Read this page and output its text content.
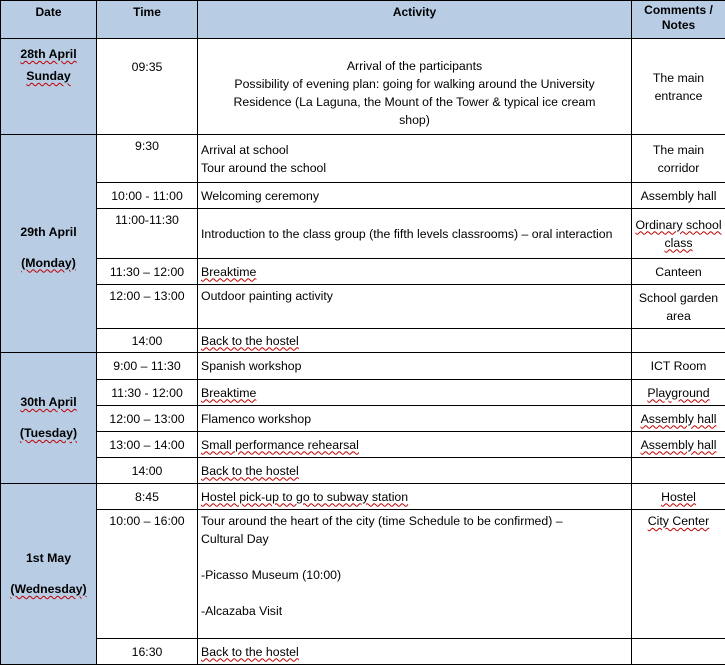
Date	Time	Activity	Comments /
Notes

28th April
Sunday	09:35	Arrival of the participants
Possibility of evening plan: going for walking around the University
Residence (La Laguna, the Mount of the Tower & typical ice cream
shop)	The main entrance

29th April
(Monday)	9:30	Arrival at school
Tour around the school	The main corridor
	10:00 - 11:00	Welcoming ceremony	Assembly hall
	11:00-11:30	Introduction to the class group (the fifth levels classrooms) – oral interaction	Ordinary school class
	11:30 – 12:00	Breaktime	Canteen
	12:00 – 13:00	Outdoor painting activity	School garden area
	14:00	Back to the hostel	

30th April
(Tuesday)	9:00 – 11:30	Spanish workshop	ICT Room
	11:30 - 12:00	Breaktime	Playground
	12:00 – 13:00	Flamenco workshop	Assembly hall
	13:00 – 14:00	Small performance rehearsal	Assembly hall
	14:00	Back to the hostel	

1st May
(Wednesday)	8:45	Hostel pick-up to go to subway station	Hostel
	10:00 – 16:00	Tour around the heart of the city (time Schedule to be confirmed) –
Cultural Day
-Picasso Museum (10:00)
-Alcazaba Visit	City Center
	16:30	Back to the hostel	
